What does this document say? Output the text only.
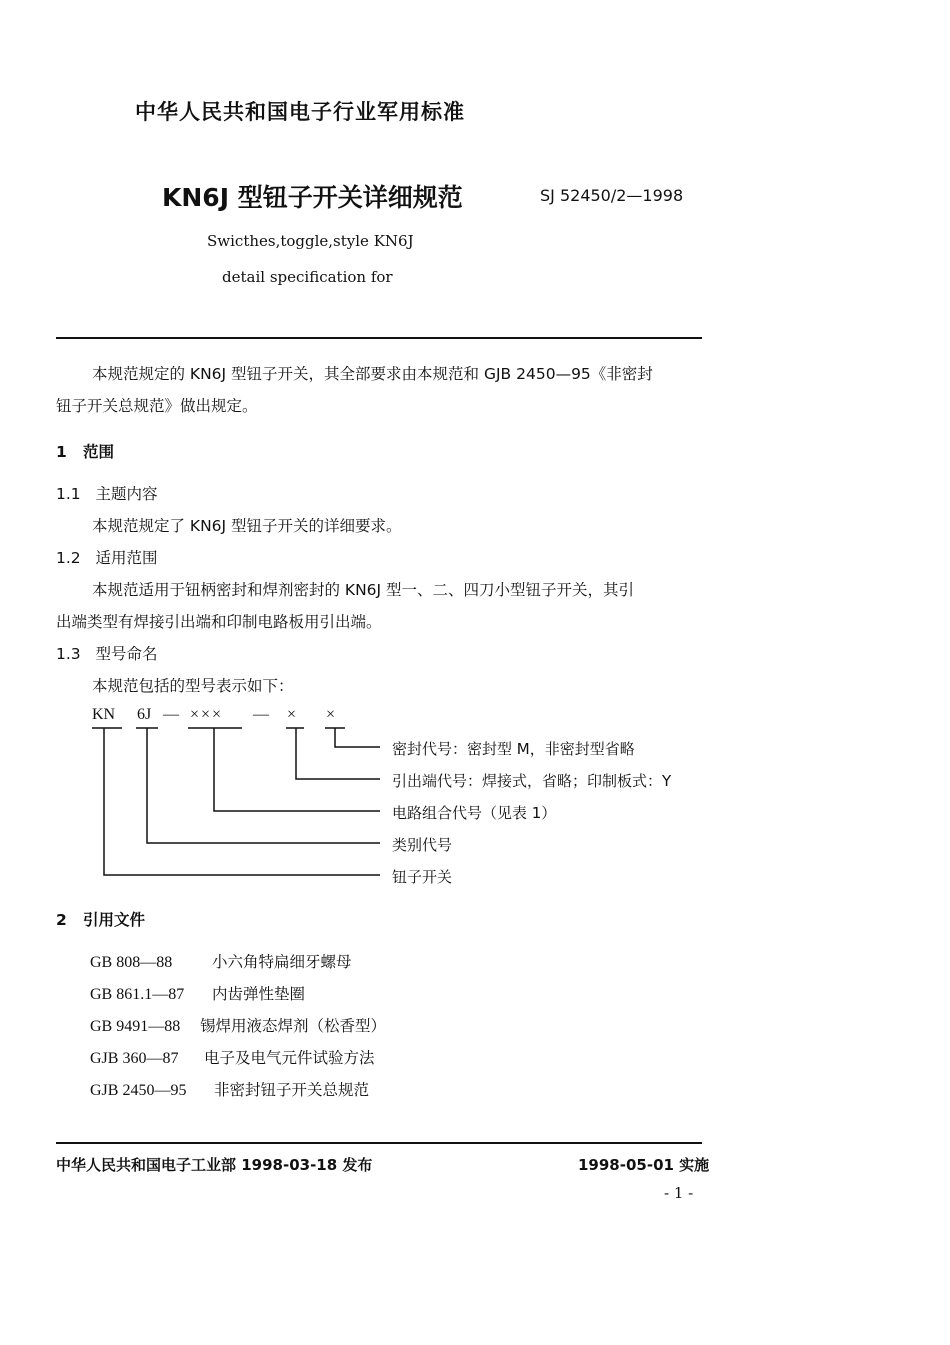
中华人民共和国电子行业军用标准
KN6J 型钮子开关详细规范	SJ 52450/2—1998
Swicthes,toggle,style KN6J
detail specification for
本规范规定的 KN6J 型钮子开关，其全部要求由本规范和 GJB 2450—95《非密封
钮子开关总规范》做出规定。
1 范围
1.1 主题内容
本规范规定了 KN6J 型钮子开关的详细要求。
1.2 适用范围
本规范适用于钮柄密封和焊剂密封的 KN6J 型一、二、四刀小型钮子开关，其引
出端类型有焊接引出端和印制电路板用引出端。
1.3 型号命名
本规范包括的型号表示如下：
KN 6J — ××× — × ×
密封代号：密封型 M，非密封型省略
引出端代号：焊接式，省略；印制板式：Y
电路组合代号（见表 1）
类别代号
钮子开关
2 引用文件
GB 808—88	小六角特扁细牙螺母
GB 861.1—87 内齿弹性垫圈
GB 9491—88 锡焊用液态焊剂（松香型）
GJB 360—87 电子及电气元件试验方法
GJB 2450—95 非密封钮子开关总规范
中华人民共和国电子工业部 1998-03-18 发布	1998-05-01 实施
- 1 -
